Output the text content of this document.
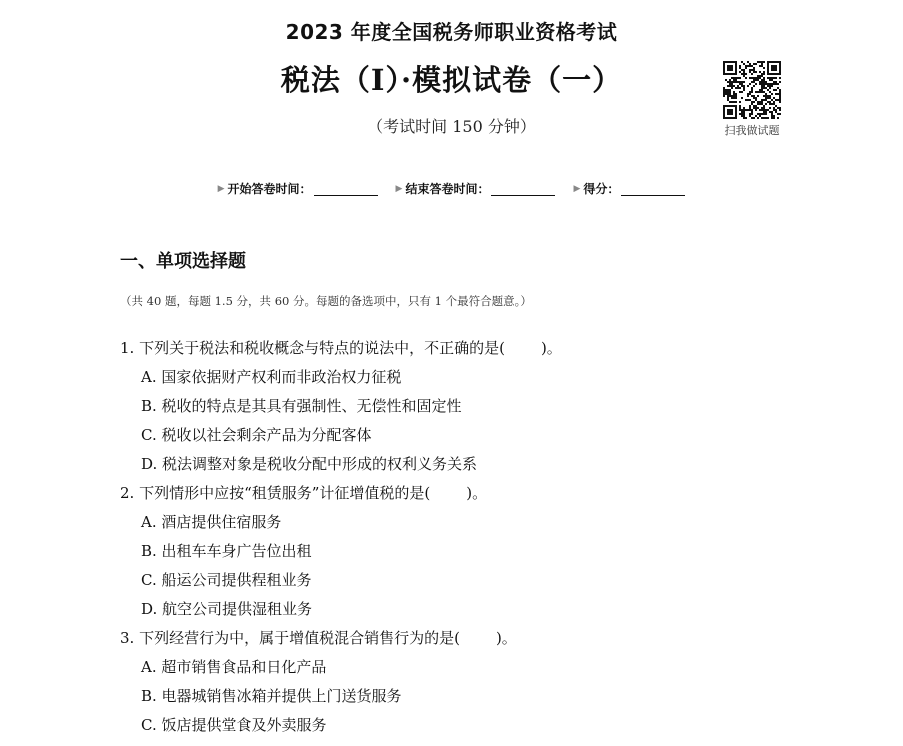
2023 年度全国税务师职业资格考试
税法（Ⅰ）·模拟试卷（一）
（考试时间 150 分钟）	扫我做试题
▶ 开始答卷时间：	▶ 结束答卷时间：	▶ 得分：
一、单项选择题
（共 40 题，每题 1.5 分，共 60 分。每题的备选项中，只有 1 个最符合题意。）
1. 下列关于税法和税收概念与特点的说法中，不正确的是( )。
A. 国家依据财产权利而非政治权力征税
B. 税收的特点是其具有强制性、无偿性和固定性
C. 税收以社会剩余产品为分配客体
D. 税法调整对象是税收分配中形成的权利义务关系
2. 下列情形中应按“租赁服务”计征增值税的是( )。
A. 酒店提供住宿服务
B. 出租车车身广告位出租
C. 船运公司提供程租业务
D. 航空公司提供湿租业务
3. 下列经营行为中，属于增值税混合销售行为的是( )。
A. 超市销售食品和日化产品
B. 电器城销售冰箱并提供上门送货服务
C. 饭店提供堂食及外卖服务
